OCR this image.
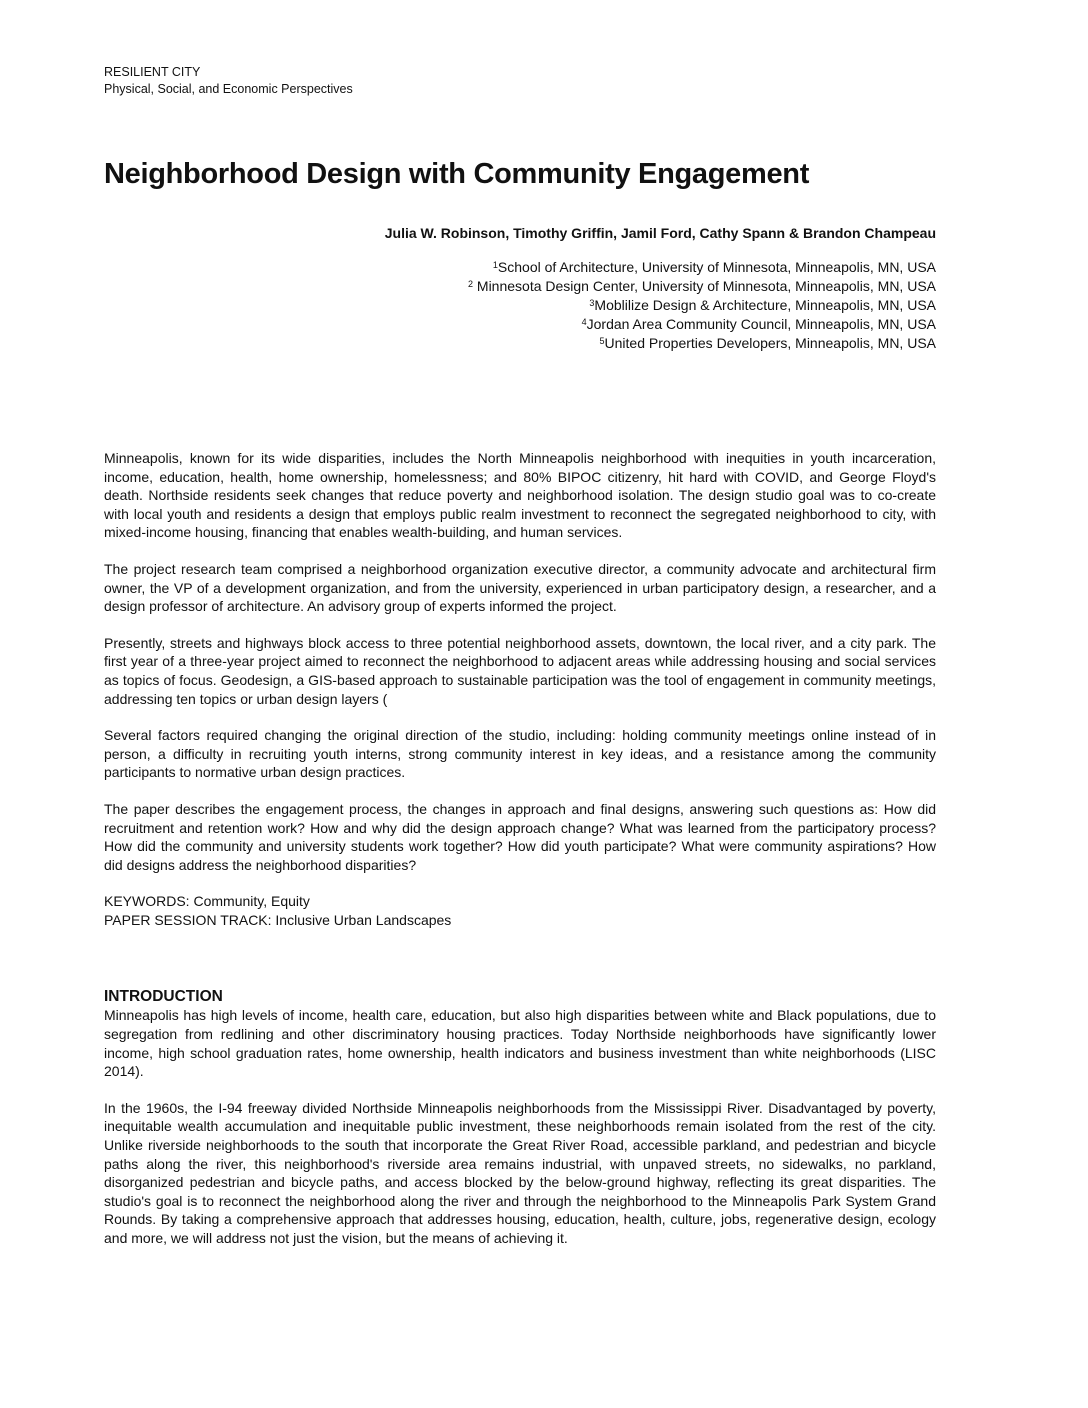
RESILIENT CITY
Physical, Social, and Economic Perspectives
Neighborhood Design with Community Engagement
Julia W. Robinson, Timothy Griffin, Jamil Ford, Cathy Spann & Brandon Champeau
$^1$School of Architecture, University of Minnesota, Minneapolis, MN, USA
$^2$ Minnesota Design Center, University of Minnesota, Minneapolis, MN, USA
$^3$Moblilize Design & Architecture, Minneapolis, MN, USA
$^4$Jordan Area Community Council, Minneapolis, MN, USA
$^5$United Properties Developers, Minneapolis, MN, USA

Minneapolis, known for its wide disparities, includes the North Minneapolis neighborhood with inequities in youth incarceration, income, education, health, home ownership, homelessness; and 80% BIPOC citizenry, hit hard with COVID, and George Floyd's death. Northside residents seek changes that reduce poverty and neighborhood isolation. The design studio goal was to co-create with local youth and residents a design that employs public realm investment to reconnect the segregated neighborhood to city, with mixed-income housing, financing that enables wealth-building, and human services.

The project research team comprised a neighborhood organization executive director, a community advocate and architectural firm owner, the VP of a development organization, and from the university, experienced in urban participatory design, a researcher, and a design professor of architecture. An advisory group of experts informed the project.

Presently, streets and highways block access to three potential neighborhood assets, downtown, the local river, and a city park. The first year of a three-year project aimed to reconnect the neighborhood to adjacent areas while addressing housing and social services as topics of focus. Geodesign, a GIS-based approach to sustainable participation was the tool of engagement in community meetings, addressing ten topics or urban design layers (

Several factors required changing the original direction of the studio, including: holding community meetings online instead of in person, a difficulty in recruiting youth interns, strong community interest in key ideas, and a resistance among the community participants to normative urban design practices.

The paper describes the engagement process, the changes in approach and final designs, answering such questions as: How did recruitment and retention work? How and why did the design approach change? What was learned from the participatory process? How did the community and university students work together? How did youth participate? What were community aspirations? How did designs address the neighborhood disparities?

KEYWORDS: Community, Equity
PAPER SESSION TRACK: Inclusive Urban Landscapes
INTRODUCTION

Minneapolis has high levels of income, health care, education, but also high disparities between white and Black populations, due to segregation from redlining and other discriminatory housing practices. Today Northside neighborhoods have significantly lower income, high school graduation rates, home ownership, health indicators and business investment than white neighborhoods (LISC 2014).

In the 1960s, the I-94 freeway divided Northside Minneapolis neighborhoods from the Mississippi River. Disadvantaged by poverty, inequitable wealth accumulation and inequitable public investment, these neighborhoods remain isolated from the rest of the city. Unlike riverside neighborhoods to the south that incorporate the Great River Road, accessible parkland, and pedestrian and bicycle paths along the river, this neighborhood's riverside area remains industrial, with unpaved streets, no sidewalks, no parkland, disorganized pedestrian and bicycle paths, and access blocked by the below-ground highway, reflecting its great disparities. The studio's goal is to reconnect the neighborhood along the river and through the neighborhood to the Minneapolis Park System Grand Rounds. By taking a comprehensive approach that addresses housing, education, health, culture, jobs, regenerative design, ecology and more, we will address not just the vision, but the means of achieving it.
